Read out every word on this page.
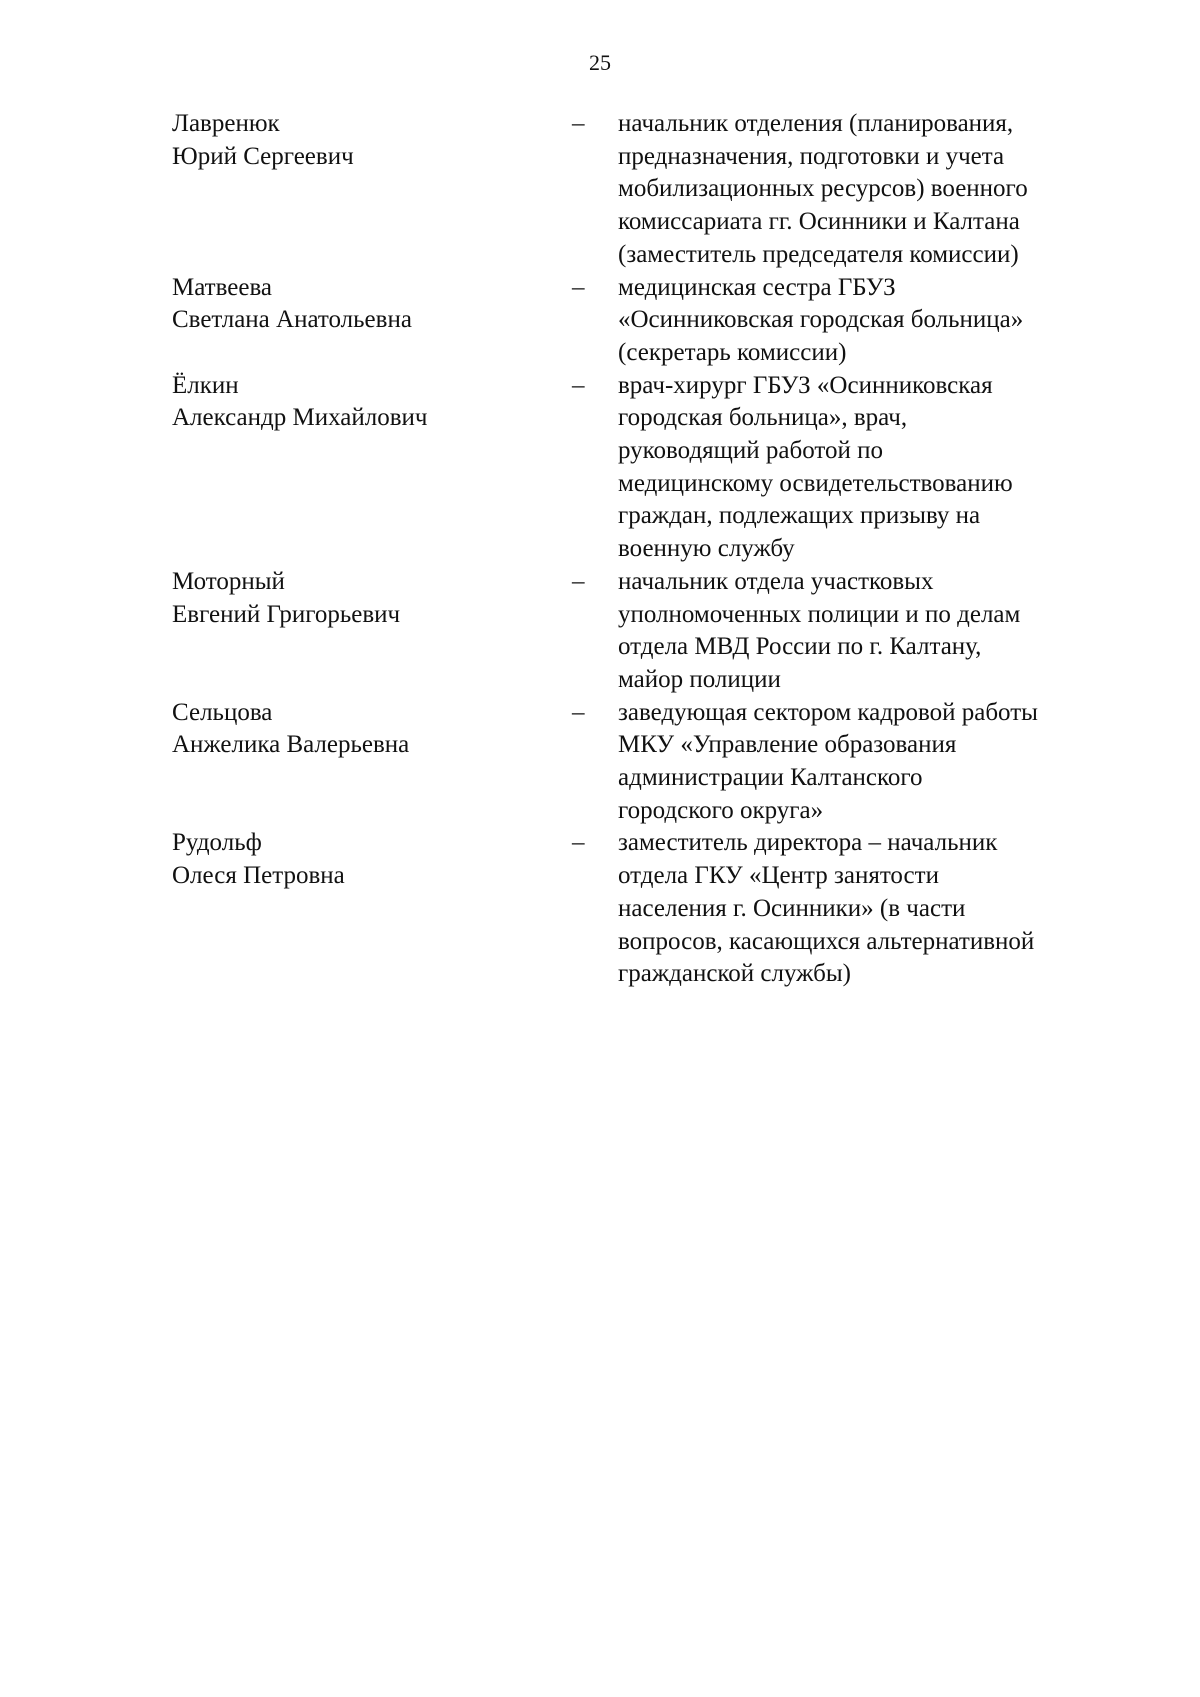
25
Лавренюк
Юрий Сергеевич
–	начальник отделения (планирования,
предназначения, подготовки и учета
мобилизационных ресурсов) военного
комиссариата гг. Осинники и Калтана
(заместитель председателя комиссии)
Матвеева
Светлана Анатольевна
–	медицинская сестра ГБУЗ
«Осинниковская городская больница»
(секретарь комиссии)
Ёлкин
Александр Михайлович
–	врач-хирург ГБУЗ «Осинниковская
городская больница», врач,
руководящий работой по
медицинскому освидетельствованию
граждан, подлежащих призыву на
военную службу
Моторный
Евгений Григорьевич
–	начальник отдела участковых
уполномоченных полиции и по делам
отдела МВД России по г. Калтану,
майор полиции
Сельцова
Анжелика Валерьевна
–	заведующая сектором кадровой работы
МКУ «Управление образования
администрации Калтанского
городского округа»
Рудольф
Олеся Петровна
–	заместитель директора – начальник
отдела ГКУ «Центр занятости
населения г. Осинники» (в части
вопросов, касающихся альтернативной
гражданской службы)
